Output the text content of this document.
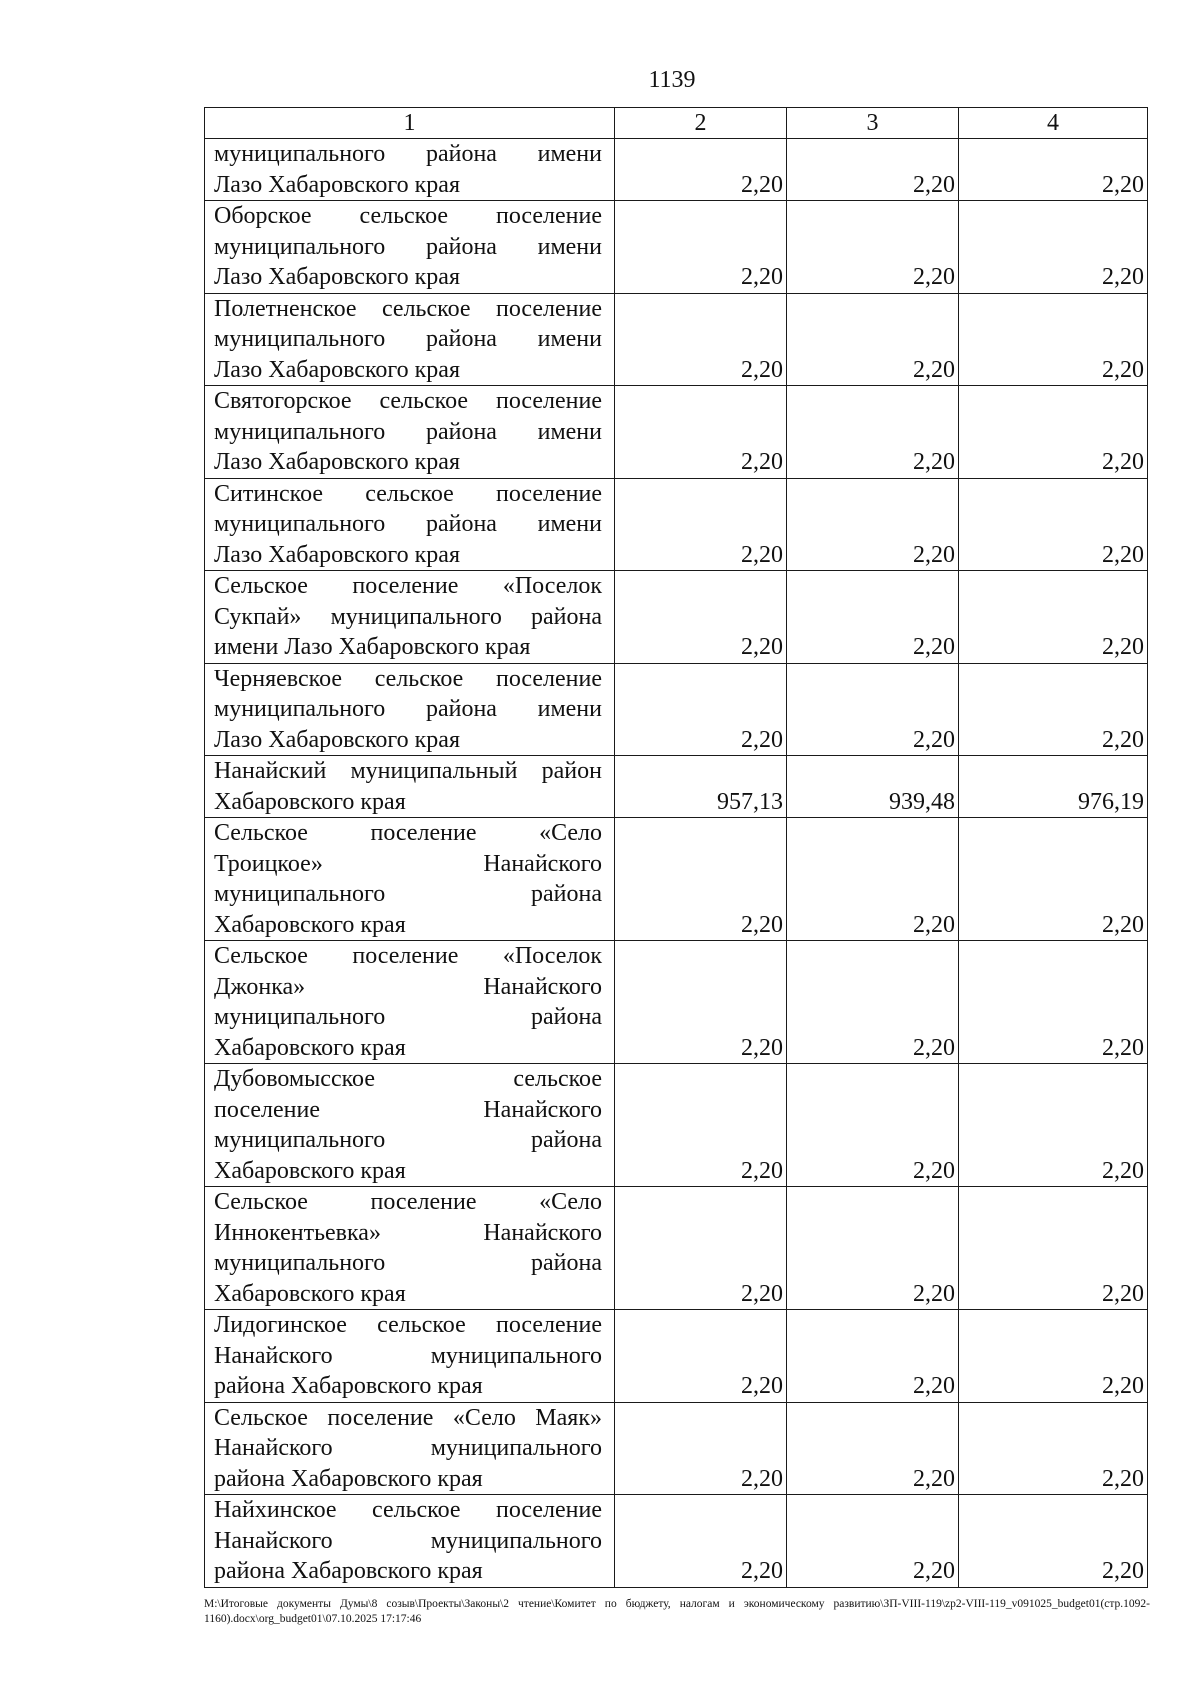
1139
1	2	3	4

муниципального района имени
Лазо Хабаровского края	2,20	2,20	2,20

Оборское сельское поселение
муниципального района имени
Лазо Хабаровского края	2,20	2,20	2,20

Полетненское сельское поселение
муниципального района имени
Лазо Хабаровского края	2,20	2,20	2,20

Святогорское сельское поселение
муниципального района имени
Лазо Хабаровского края	2,20	2,20	2,20

Ситинское сельское поселение
муниципального района имени
Лазо Хабаровского края	2,20	2,20	2,20

Сельское поселение «Поселок
Сукпай» муниципального района
имени Лазо Хабаровского края	2,20	2,20	2,20

Черняевское сельское поселение
муниципального района имени
Лазо Хабаровского края	2,20	2,20	2,20

Нанайский муниципальный район
Хабаровского края	957,13	939,48	976,19

Сельское поселение «Село
Троицкое» Нанайского
муниципального района
Хабаровского края	2,20	2,20	2,20

Сельское поселение «Поселок
Джонка» Нанайского
муниципального района
Хабаровского края	2,20	2,20	2,20

Дубовомысское сельское
поселение Нанайского
муниципального района
Хабаровского края	2,20	2,20	2,20

Сельское поселение «Село
Иннокентьевка» Нанайского
муниципального района
Хабаровского края	2,20	2,20	2,20

Лидогинское сельское поселение
Нанайского муниципального
района Хабаровского края	2,20	2,20	2,20

Сельское поселение «Село Маяк»
Нанайского муниципального
района Хабаровского края	2,20	2,20	2,20

Найхинское сельское поселение
Нанайского муниципального
района Хабаровского края	2,20	2,20	2,20
М:\Итоговые документы Думы\8 созыв\Проекты\Законы\2 чтение\Комитет по бюджету, налогам и экономическому развитию\ЗП-VIII-119\zp2-VIII-119_v091025_budget01(стр.1092-1160).docx\org_budget01\07.10.2025 17:17:46
